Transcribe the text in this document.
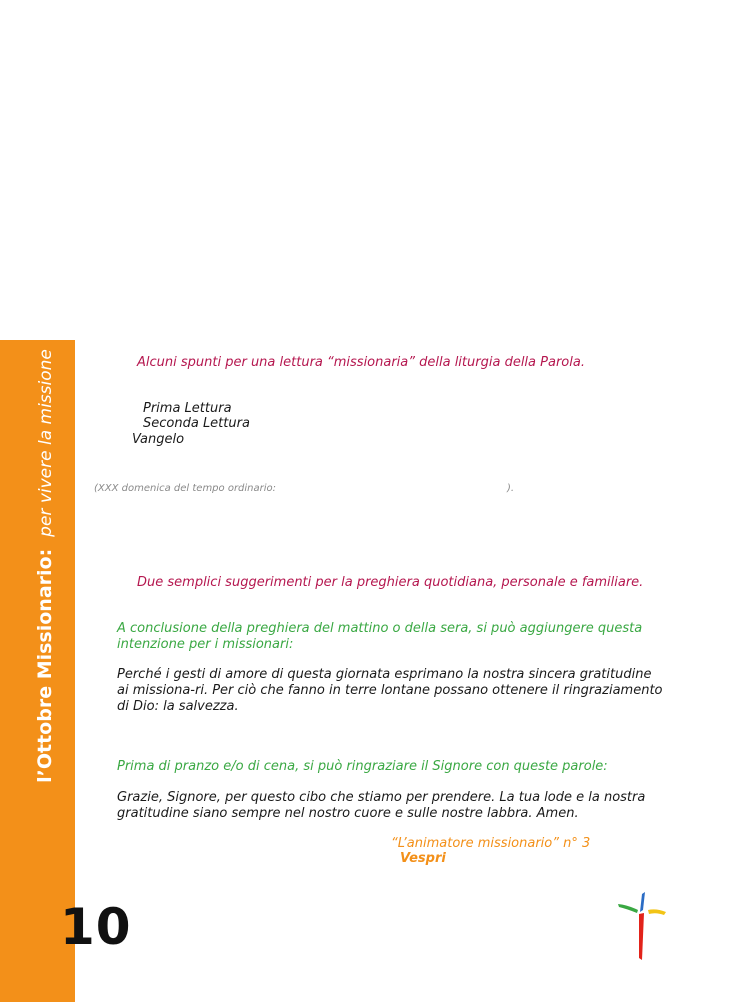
l’Ottobre Missionario:per vivere la missione
10

Alcuni spunti per una lettura “missionaria” della liturgia della Parola.

Prima Lettura

Seconda Lettura

Vangelo

(XXX domenica del tempo ordinario:	).

Due semplici suggerimenti per la preghiera quotidiana, personale e familiare.

A conclusione della preghiera del mattino o della sera, si può aggiungere questa intenzione per i missionari:

Perché i gesti di amore di questa giornata esprimano la nostra sincera gratitudine ai missiona-ri. Per ciò che fanno in terre lontane possano ottenere il ringraziamento di Dio: la salvezza.

Prima di pranzo e/o di cena, si può ringraziare il Signore con queste parole:

Grazie, Signore, per questo cibo che stiamo per prendere. La tua lode e la nostra gratitudine siano sempre nel nostro cuore e sulle nostre labbra. Amen.

“L’animatore missionario” n° 3

Vespri
